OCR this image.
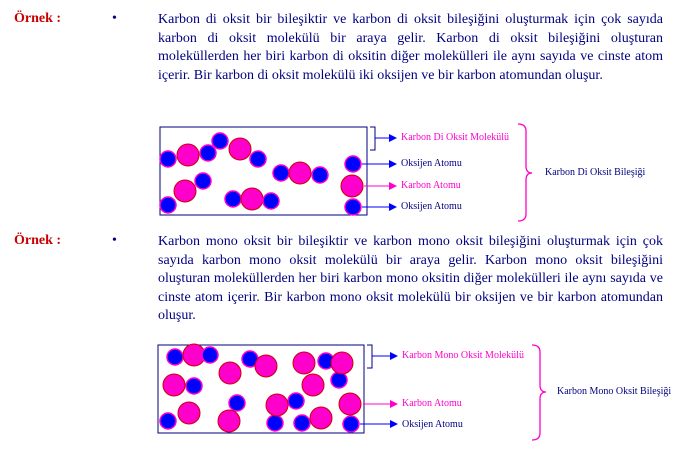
Örnek :	•	Karbon di oksit bir bileşiktir ve karbon di oksit bileşiğini oluşturmak için çok sayıda karbon di oksit molekülü bir araya gelir. Karbon di oksit bileşiğini oluşturan moleküllerden her biri karbon di oksitin diğer molekülleri ile aynı sayıda ve cinste atom içerir. Bir karbon di oksit molekülü iki oksijen ve bir karbon atomundan oluşur.

Örnek :	•	Karbon mono oksit bir bileşiktir ve karbon mono oksit bileşiğini oluşturmak için çok sayıda karbon mono oksit molekülü bir araya gelir. Karbon mono oksit bileşiğini oluşturan moleküllerden her biri karbon mono oksitin diğer molekülleri ile aynı sayıda ve cinste atom içerir. Bir karbon mono oksit molekülü bir oksijen ve bir karbon atomundan oluşur.

Karbon Di Oksit Molekülü
Oksijen Atomu
Karbon Atomu
Oksijen Atomu
Karbon Di Oksit Bileşiği
Karbon Mono Oksit Molekülü
Karbon Atomu
Oksijen Atomu
Karbon Mono Oksit Bileşiği
